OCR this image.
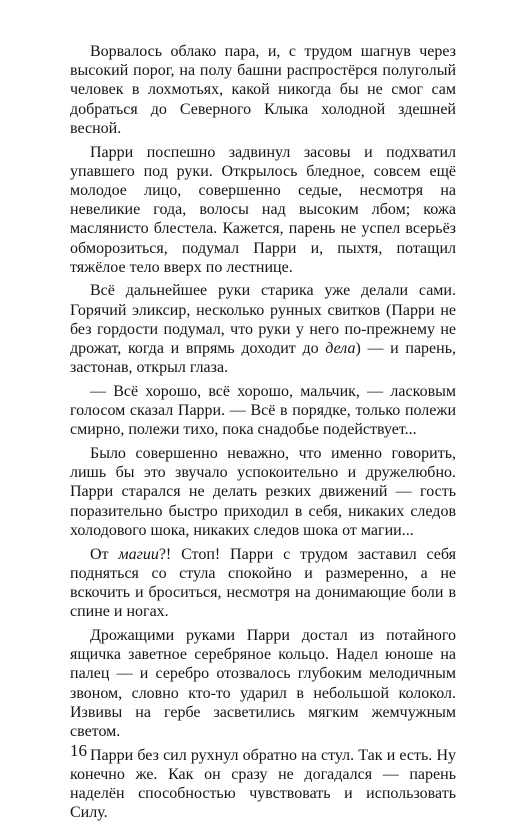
Ворвалось облако пара, и, с трудом шагнув через высокий порог, на полу башни распростёрся полуголый человек в лохмотьях, какой никогда бы не смог сам добраться до Северного Клыка холодной здешней весной.

Парри поспешно задвинул засовы и подхватил упавшего под руки. Открылось бледное, совсем ещё молодое лицо, совершенно седые, несмотря на невеликие года, волосы над высоким лбом; кожа маслянисто блестела. Кажется, парень не успел всерьёз обморозиться, подумал Парри и, пыхтя, потащил тяжёлое тело вверх по лестнице.

Всё дальнейшее руки старика уже делали сами. Горячий эликсир, несколько рунных свитков (Парри не без гордости подумал, что руки у него по-прежнему не дрожат, когда и впрямь доходит до дела) — и парень, застонав, открыл глаза.

— Всё хорошо, всё хорошо, мальчик, — ласковым голосом сказал Парри. — Всё в порядке, только полежи смирно, полежи тихо, пока снадобье подействует...

Было совершенно неважно, что именно говорить, лишь бы это звучало успокоительно и дружелюбно. Парри старался не делать резких движений — гость поразительно быстро приходил в себя, никаких следов холодового шока, никаких следов шока от магии...

От магии?! Стоп! Парри с трудом заставил себя подняться со стула спокойно и размеренно, а не вскочить и броситься, несмотря на донимающие боли в спине и ногах.

Дрожащими руками Парри достал из потайного ящичка заветное серебряное кольцо. Надел юноше на палец — и серебро отозвалось глубоким мелодичным звоном, словно кто-то ударил в небольшой колокол. Извивы на гербе засветились мягким жемчужным светом.

Парри без сил рухнул обратно на стул. Так и есть. Ну конечно же. Как он сразу не догадался — парень наделён способностью чувствовать и использовать Силу.

16
